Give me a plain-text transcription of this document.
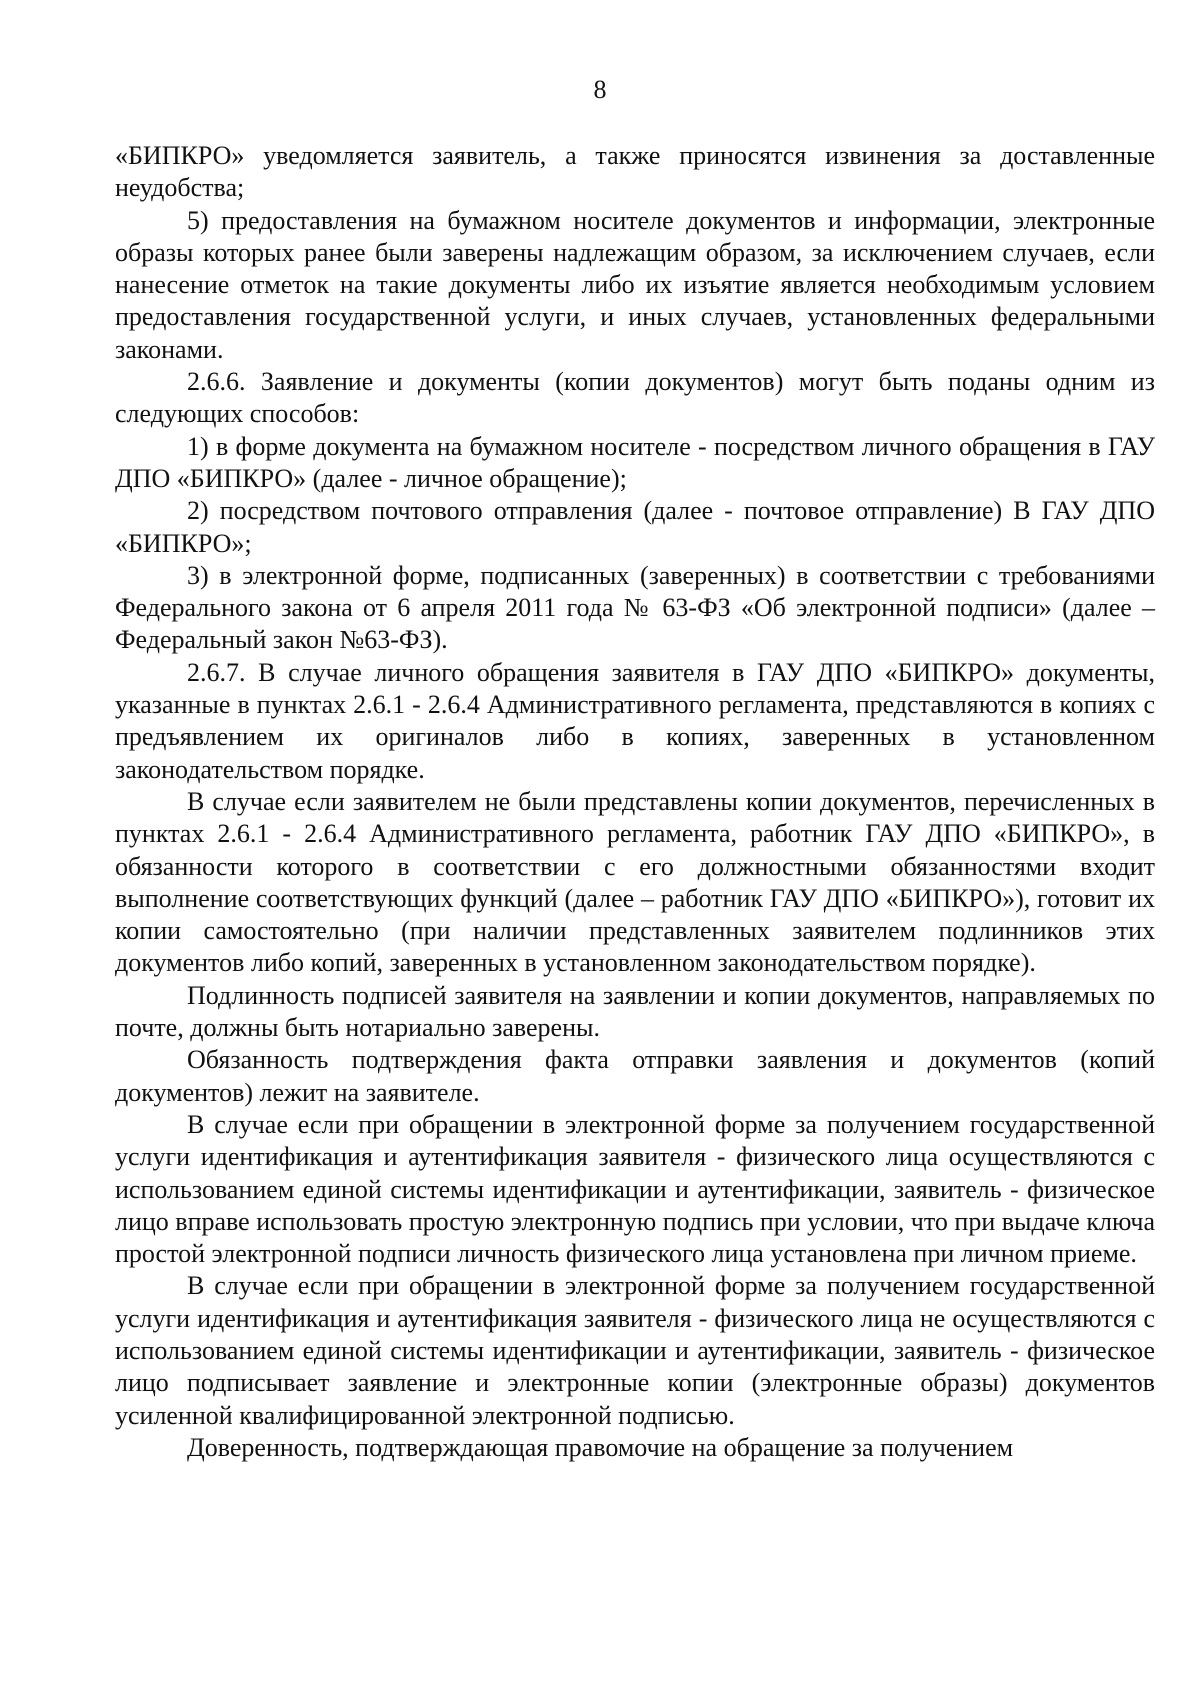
8

«БИПКРО» уведомляется заявитель, а также приносятся извинения за доставленные неудобства;

5) предоставления на бумажном носителе документов и информации, электронные образы которых ранее были заверены надлежащим образом, за исключением случаев, если нанесение отметок на такие документы либо их изъятие является необходимым условием предоставления государственной услуги, и иных случаев, установленных федеральными законами.

2.6.6. Заявление и документы (копии документов) могут быть поданы одним из следующих способов:

1) в форме документа на бумажном носителе - посредством личного обращения в ГАУ ДПО «БИПКРО» (далее - личное обращение);

2) посредством почтового отправления (далее - почтовое отправление) В ГАУ ДПО «БИПКРО»;

3) в электронной форме, подписанных (заверенных) в соответствии с требованиями Федерального закона от 6 апреля 2011 года № 63-ФЗ «Об электронной подписи» (далее – Федеральный закон №63-ФЗ).

2.6.7. В случае личного обращения заявителя в ГАУ ДПО «БИПКРО» документы, указанные в пунктах 2.6.1 - 2.6.4 Административного регламента, представляются в копиях с предъявлением их оригиналов либо в копиях, заверенных в установленном законодательством порядке.

В случае если заявителем не были представлены копии документов, перечисленных в пунктах 2.6.1 - 2.6.4 Административного регламента, работник ГАУ ДПО «БИПКРО», в обязанности которого в соответствии с его должностными обязанностями входит выполнение соответствующих функций (далее – работник ГАУ ДПО «БИПКРО»), готовит их копии самостоятельно (при наличии представленных заявителем подлинников этих документов либо копий, заверенных в установленном законодательством порядке).

Подлинность подписей заявителя на заявлении и копии документов, направляемых по почте, должны быть нотариально заверены.

Обязанность подтверждения факта отправки заявления и документов (копий документов) лежит на заявителе.

В случае если при обращении в электронной форме за получением государственной услуги идентификация и аутентификация заявителя - физического лица осуществляются с использованием единой системы идентификации и аутентификации, заявитель - физическое лицо вправе использовать простую электронную подпись при условии, что при выдаче ключа простой электронной подписи личность физического лица установлена при личном приеме.

В случае если при обращении в электронной форме за получением государственной услуги идентификация и аутентификация заявителя - физического лица не осуществляются с использованием единой системы идентификации и аутентификации, заявитель - физическое лицо подписывает заявление и электронные копии (электронные образы) документов усиленной квалифицированной электронной подписью.

Доверенность, подтверждающая правомочие на обращение за получением
